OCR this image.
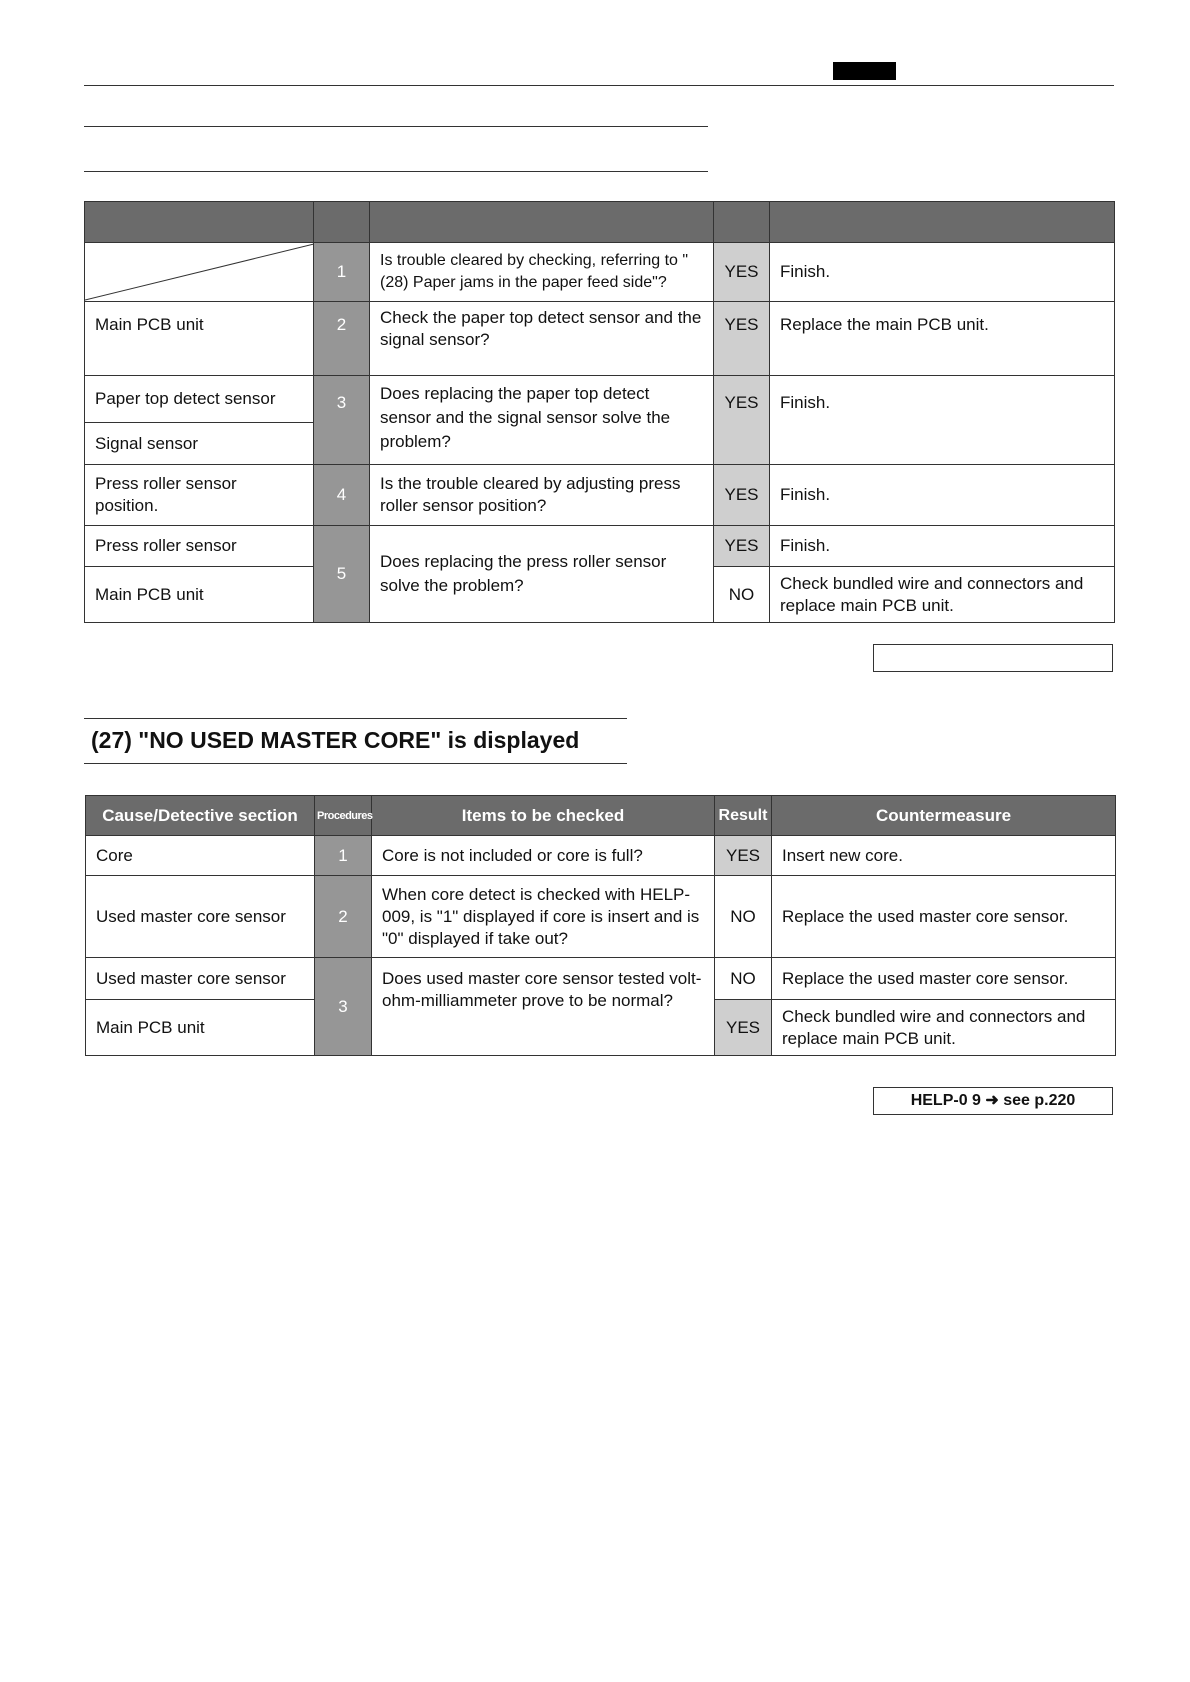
	1	Is trouble cleared by checking, referring to "(28) Paper jams in the paper feed side"?	YES	Finish.
Main PCB unit	2	Check the paper top detect sensor and the signal sensor?	YES	Replace the main PCB unit.
Paper top detect sensor	3	Does replacing the paper top detect sensor and the signal sensor solve the problem?	YES	Finish.
Signal sensor				
Press roller sensor position.	4	Is the trouble cleared by adjusting press roller sensor position?	YES	Finish.
Press roller sensor	5	Does replacing the press roller sensor solve the problem?	YES	Finish.
Main PCB unit			NO	Check bundled wire and connectors and replace main PCB unit.
(27) "NO USED MASTER CORE" is displayed
Cause/Detective section	Procedures	Items to be checked	Result	Countermeasure
Core	1	Core is not included or core is full?	YES	Insert new core.
Used master core sensor	2	When core detect is checked with HELP-009, is "1" displayed if core is insert and is "0" displayed if take out?	NO	Replace the used master core sensor.
Used master core sensor	3	Does used master core sensor tested volt-ohm-milliammeter prove to be normal?	NO	Replace the used master core sensor.
Main PCB unit			YES	Check bundled wire and connectors and replace main PCB unit.
HELP-0 9 ➜ see p.220
